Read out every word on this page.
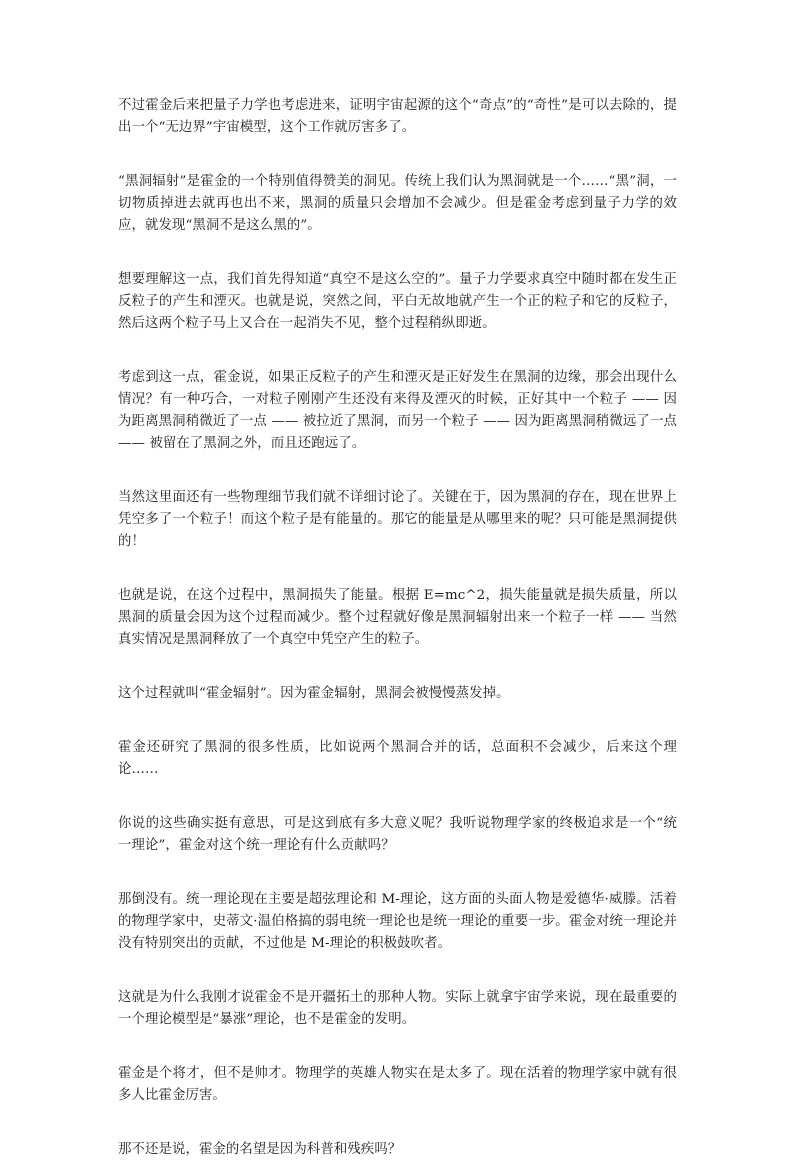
不过霍金后来把量子力学也考虑进来，证明宇宙起源的这个“奇点”的“奇性”是可以去除的，提出一个“无边界”宇宙模型，这个工作就厉害多了。

“黑洞辐射”是霍金的一个特别值得赞美的洞见。传统上我们认为黑洞就是一个……“黑”洞，一切物质掉进去就再也出不来，黑洞的质量只会增加不会减少。但是霍金考虑到量子力学的效应，就发现“黑洞不是这么黑的”。

想要理解这一点，我们首先得知道“真空不是这么空的”。量子力学要求真空中随时都在发生正反粒子的产生和湮灭。也就是说，突然之间，平白无故地就产生一个正的粒子和它的反粒子，然后这两个粒子马上又合在一起消失不见，整个过程稍纵即逝。

考虑到这一点，霍金说，如果正反粒子的产生和湮灭是正好发生在黑洞的边缘，那会出现什么情况？有一种巧合，一对粒子刚刚产生还没有来得及湮灭的时候，正好其中一个粒子 —— 因为距离黑洞稍微近了一点 —— 被拉近了黑洞，而另一个粒子 —— 因为距离黑洞稍微远了一点 —— 被留在了黑洞之外，而且还跑远了。

当然这里面还有一些物理细节我们就不详细讨论了。关键在于，因为黑洞的存在，现在世界上凭空多了一个粒子！而这个粒子是有能量的。那它的能量是从哪里来的呢？只可能是黑洞提供的！

也就是说，在这个过程中，黑洞损失了能量。根据 E=mc^2，损失能量就是损失质量，所以黑洞的质量会因为这个过程而减少。整个过程就好像是黑洞辐射出来一个粒子一样 —— 当然真实情况是黑洞释放了一个真空中凭空产生的粒子。

这个过程就叫“霍金辐射”。因为霍金辐射，黑洞会被慢慢蒸发掉。

霍金还研究了黑洞的很多性质，比如说两个黑洞合并的话，总面积不会减少，后来这个理论……

你说的这些确实挺有意思，可是这到底有多大意义呢？我听说物理学家的终极追求是一个“统一理论”，霍金对这个统一理论有什么贡献吗？

那倒没有。统一理论现在主要是超弦理论和 M-理论，这方面的头面人物是爱德华·威滕。活着的物理学家中，史蒂文·温伯格搞的弱电统一理论也是统一理论的重要一步。霍金对统一理论并没有特别突出的贡献，不过他是 M-理论的积极鼓吹者。

这就是为什么我刚才说霍金不是开疆拓土的那种人物。实际上就拿宇宙学来说，现在最重要的一个理论模型是“暴涨”理论，也不是霍金的发明。

霍金是个将才，但不是帅才。物理学的英雄人物实在是太多了。现在活着的物理学家中就有很多人比霍金厉害。

那不还是说，霍金的名望是因为科普和残疾吗？
